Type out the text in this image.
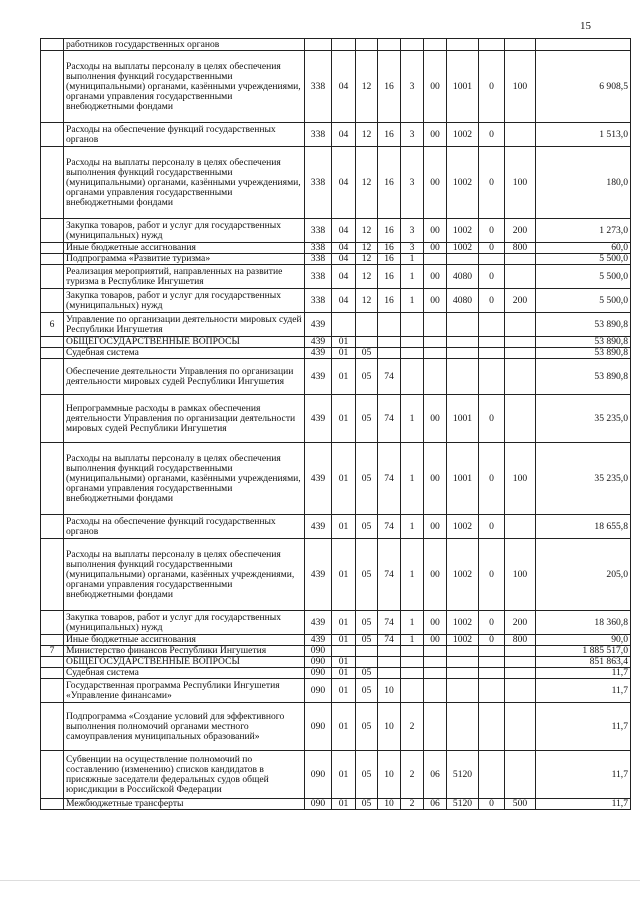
15
	работников государственных органов										
	Расходы на выплаты персоналу в целях обеспечения выполнения функций государственными (муниципальными) органами, казёнными учреждениями, органами управления государственными внебюджетными фондами	338	04	12	16	3	00	1001	0	100	6 908,5
	Расходы на обеспечение функций государственных органов	338	04	12	16	3	00	1002	0		1 513,0
	Расходы на выплаты персоналу в целях обеспечения выполнения функций государственными (муниципальными) органами, казёнными учреждениями, органами управления государственными внебюджетными фондами	338	04	12	16	3	00	1002	0	100	180,0
	Закупка товаров, работ и услуг для государственных (муниципальных) нужд	338	04	12	16	3	00	1002	0	200	1 273,0
	Иные бюджетные ассигнования	338	04	12	16	3	00	1002	0	800	60,0
	Подпрограмма «Развитие туризма»	338	04	12	16	1					5 500,0
	Реализация мероприятий, направленных на развитие туризма в Республике Ингушетия	338	04	12	16	1	00	4080	0		5 500,0
	Закупка товаров, работ и услуг для государственных (муниципальных) нужд	338	04	12	16	1	00	4080	0	200	5 500,0
6	Управление по организации деятельности мировых судей Республики Ингушетия	439									53 890,8
	ОБЩЕГОСУДАРСТВЕННЫЕ ВОПРОСЫ	439	01								53 890,8
	Судебная система	439	01	05							53 890,8
	Обеспечение деятельности Управления по организации деятельности мировых судей Республики Ингушетия	439	01	05	74						53 890,8
	Непрограммные расходы в рамках обеспечения деятельности Управления по организации деятельности мировых судей Республики Ингушетия	439	01	05	74	1	00	1001	0		35 235,0
	Расходы на выплаты персоналу в целях обеспечения выполнения функций государственными (муниципальными) органами, казёнными учреждениями, органами управления государственными внебюджетными фондами	439	01	05	74	1	00	1001	0	100	35 235,0
	Расходы на обеспечение функций государственных органов	439	01	05	74	1	00	1002	0		18 655,8
	Расходы на выплаты персоналу в целях обеспечения выполнения функций государственными (муниципальными) органами, казённых учреждениями, органами управления государственными внебюджетными фондами	439	01	05	74	1	00	1002	0	100	205,0
	Закупка товаров, работ и услуг для государственных (муниципальных) нужд	439	01	05	74	1	00	1002	0	200	18 360,8
	Иные бюджетные ассигнования	439	01	05	74	1	00	1002	0	800	90,0
7	Министерство финансов Республики Ингушетия	090									1 885 517,0
	ОБЩЕГОСУДАРСТВЕННЫЕ ВОПРОСЫ	090	01								851 863,4
	Судебная система	090	01	05							11,7
	Государственная программа Республики Ингушетия «Управление финансами»	090	01	05	10						11,7
	Подпрограмма «Создание условий для эффективного выполнения полномочий органами местного самоуправления муниципальных образований»	090	01	05	10	2					11,7
	Субвенции на осуществление полномочий по составлению (изменению) списков кандидатов в присяжные заседатели федеральных судов общей юрисдикции в Российской Федерации	090	01	05	10	2	06	5120			11,7
	Межбюджетные трансферты	090	01	05	10	2	06	5120	0	500	11,7
